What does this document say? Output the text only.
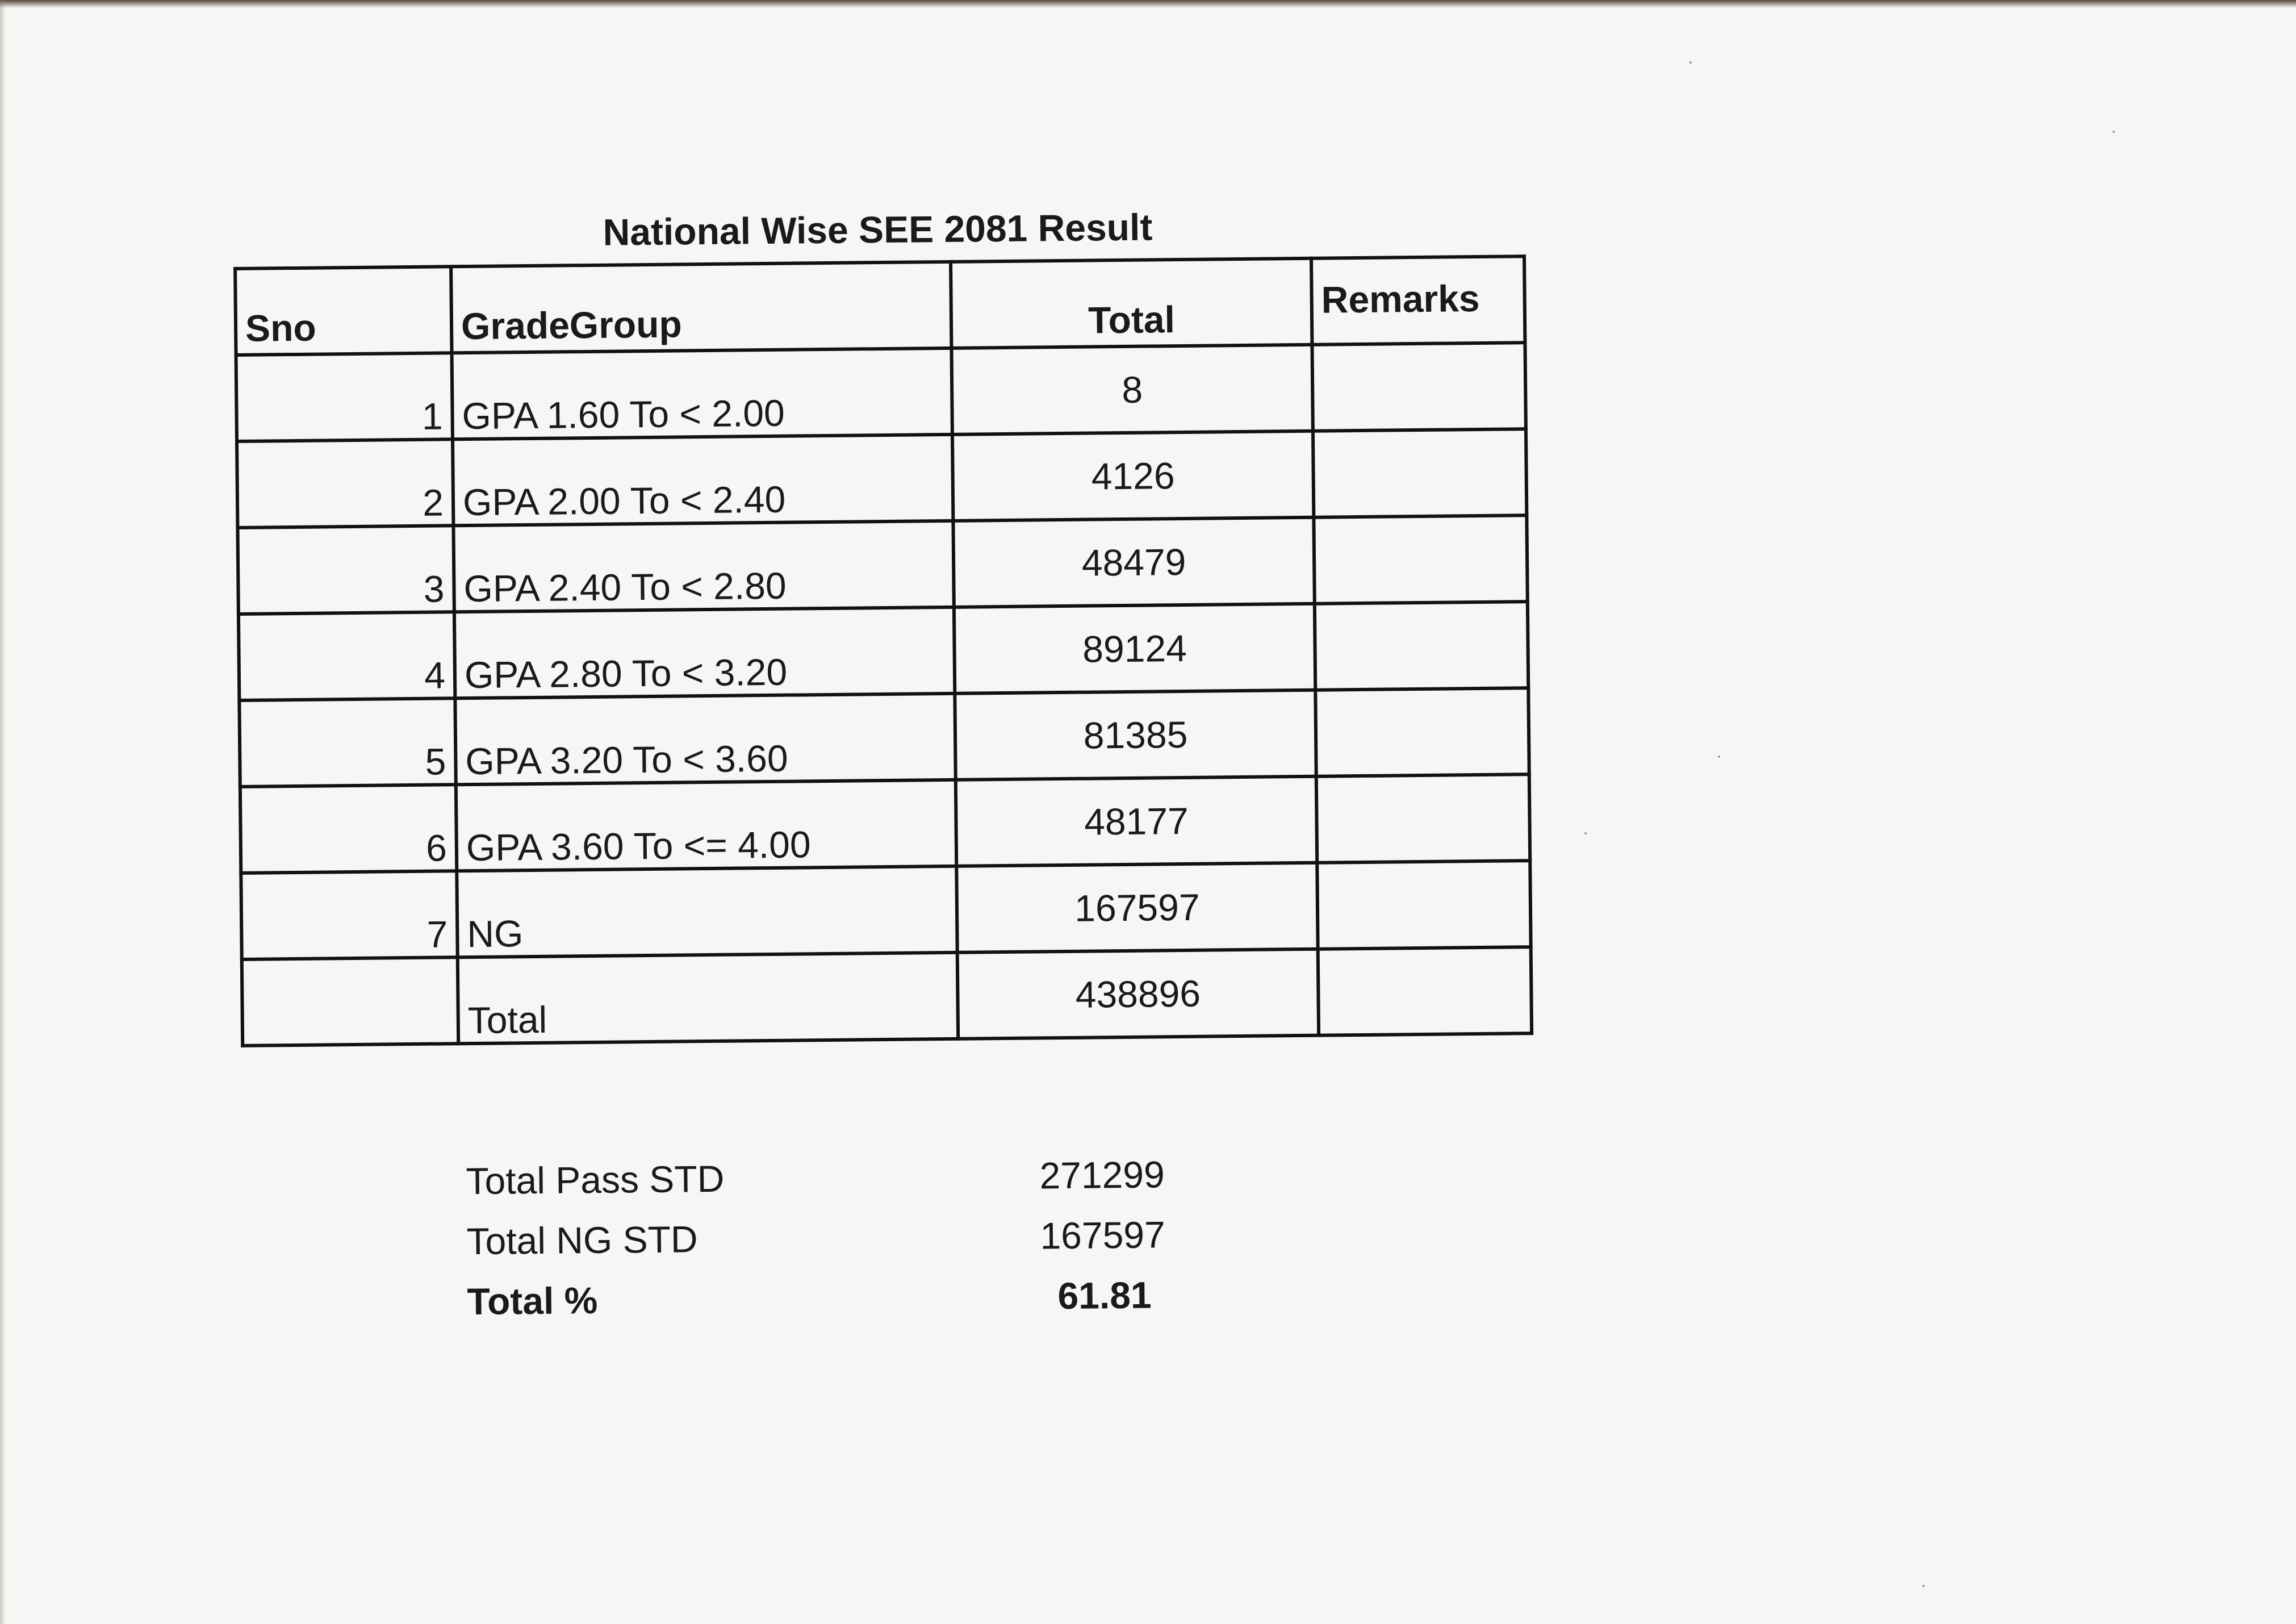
National Wise SEE 2081 Result
Sno	GradeGroup	Total	Remarks
1	GPA 1.60 To < 2.00	8	
2	GPA 2.00 To < 2.40	4126	
3	GPA 2.40 To < 2.80	48479	
4	GPA 2.80 To < 3.20	89124	
5	GPA 3.20 To < 3.60	81385	
6	GPA 3.60 To <= 4.00	48177	
7	NG	167597	
	Total	438896	
Total Pass STD	271299
Total NG STD	167597
Total %	61.81
